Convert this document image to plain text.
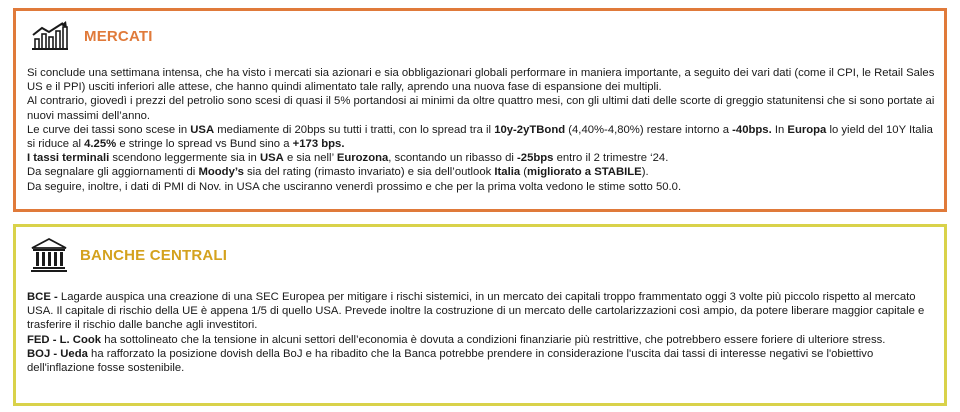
MERCATI

Si conclude una settimana intensa, che ha visto i mercati sia azionari e sia obbligazionari globali performare in maniera importante, a seguito dei vari dati (come il CPI, le Retail Sales US e il PPI) usciti inferiori alle attese, che hanno quindi alimentato tale rally, aprendo una nuova fase di espansione dei multipli.

Al contrario, giovedì i prezzi del petrolio sono scesi di quasi il 5% portandosi ai minimi da oltre quattro mesi, con gli ultimi dati delle scorte di greggio statunitensi che si sono portate ai nuovi massimi dell’anno.

Le curve dei tassi sono scese in USA mediamente di 20bps su tutti i tratti, con lo spread tra il 10y-2yTBond (4,40%-4,80%) restare intorno a -40bps. In Europa lo yield del 10Y Italia si riduce al 4.25% e stringe lo spread vs Bund sino a +173 bps.

I tassi terminali scendono leggermente sia in USA e sia nell’ Eurozona, scontando un ribasso di -25bps entro il 2 trimestre ‘24.

Da segnalare gli aggiornamenti di Moody’s sia del rating (rimasto invariato) e sia dell’outlook Italia (migliorato a STABILE).

Da seguire, inoltre, i dati di PMI di Nov. in USA che usciranno venerdì prossimo e che per la prima volta vedono le stime sotto 50.0.

BANCHE CENTRALI

BCE - Lagarde auspica una creazione di una SEC Europea per mitigare i rischi sistemici, in un mercato dei capitali troppo frammentato oggi 3 volte più piccolo rispetto al mercato USA. Il capitale di rischio della UE è appena 1/5 di quello USA. Prevede inoltre la costruzione di un mercato delle cartolarizzazioni così ampio, da potere liberare maggior capitale e trasferire il rischio dalle banche agli investitori.

FED - L. Cook ha sottolineato che la tensione in alcuni settori dell’economia è dovuta a condizioni finanziarie più restrittive, che potrebbero essere foriere di ulteriore stress.

BOJ - Ueda ha rafforzato la posizione dovish della BoJ e ha ribadito che la Banca potrebbe prendere in considerazione l'uscita dai tassi di interesse negativi se l'obiettivo dell'inflazione fosse sostenibile.
